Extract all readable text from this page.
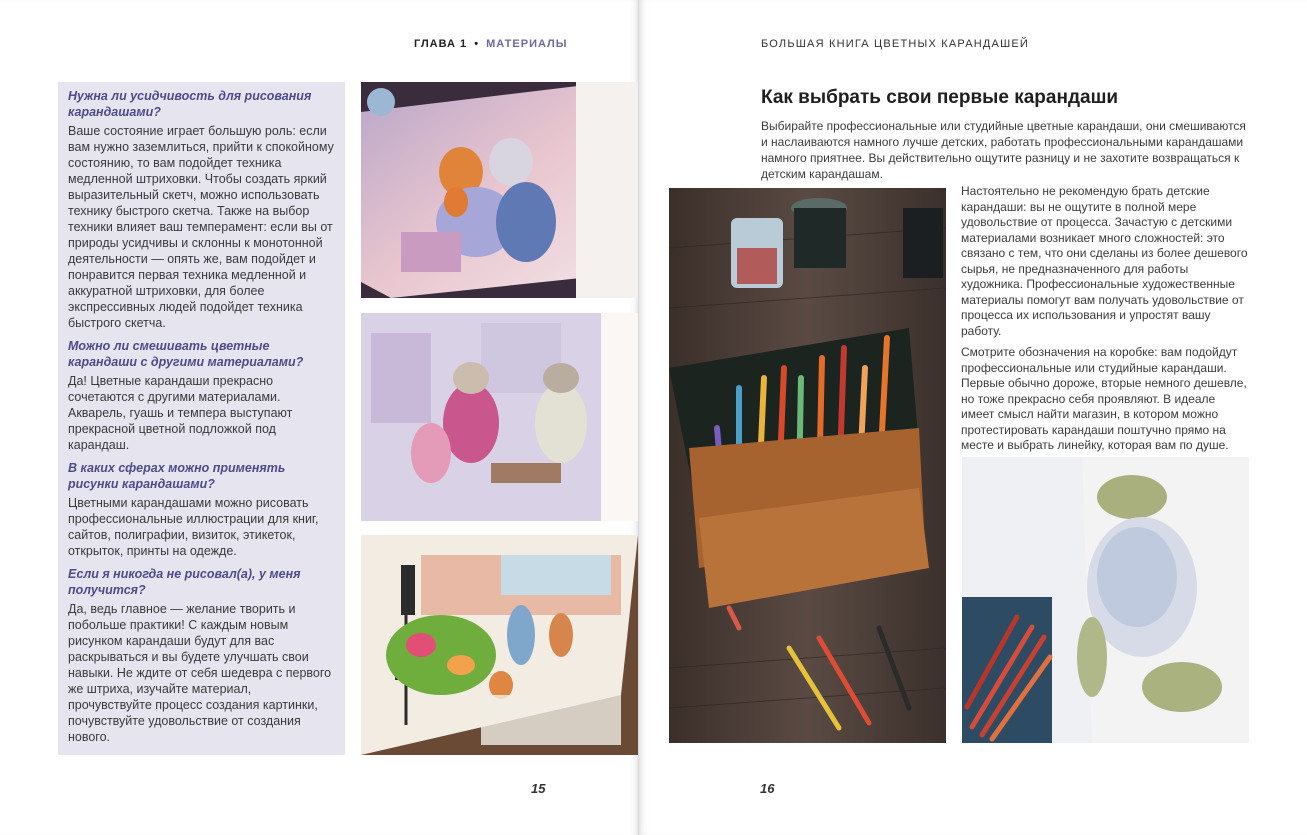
ГЛАВА 1 • МАТЕРИАЛЫ	БОЛЬШАЯ КНИГА ЦВЕТНЫХ КАРАНДАШЕЙ

Нужна ли усидчивость для рисования карандашами?

Ваше состояние играет большую роль: если вам нужно заземлиться, прийти к спокойному состоянию, то вам подойдет техника медленной штриховки. Чтобы создать яркий выразительный скетч, можно использовать технику быстрого скетча. Также на выбор техники влияет ваш темперамент: если вы от природы усидчивы и склонны к монотонной деятельности — опять же, вам подойдет и понравится первая техника медленной и аккуратной штриховки, для более экспрессивных людей подойдет техника быстрого скетча.

Можно ли смешивать цветные карандаши с другими материалами?

Да! Цветные карандаши прекрасно сочетаются с другими материалами. Акварель, гуашь и темпера выступают прекрасной цветной подложкой под карандаш.

В каких сферах можно применять рисунки карандашами?

Цветными карандашами можно рисовать профессиональные иллюстрации для книг, сайтов, полиграфии, визиток, этикеток, открыток, принты на одежде.

Если я никогда не рисовал(а), у меня получится?

Да, ведь главное — желание творить и побольше практики! С каждым новым рисунком карандаши будут для вас раскрываться и вы будете улучшать свои навыки. Не ждите от себя шедевра с первого же штриха, изучайте материал, прочувствуйте процесс создания картинки, почувствуйте удовольствие от создания нового.

Как выбрать свои первые карандаши

Выбирайте профессиональные или студийные цветные карандаши, они смешиваются и наслаиваются намного лучше детских, работать профессиональными карандашами намного приятнее. Вы действительно ощутите разницу и не захотите возвращаться к детским карандашам.

Настоятельно не рекомендую брать детские карандаши: вы не ощутите в полной мере удовольствие от процесса. Зачастую с детскими материалами возникает много сложностей: это связано с тем, что они сделаны из более дешевого сырья, не предназначенного для работы художника. Профессиональные художественные материалы помогут вам получать удовольствие от процесса их использования и упростят вашу работу.

Смотрите обозначения на коробке: вам подойдут профессиональные или студийные карандаши. Первые обычно дороже, вторые немного дешевле, но тоже прекрасно себя проявляют. В идеале имеет смысл найти магазин, в котором можно протестировать карандаши поштучно прямо на месте и выбрать линейку, которая вам по душе.

15	16
